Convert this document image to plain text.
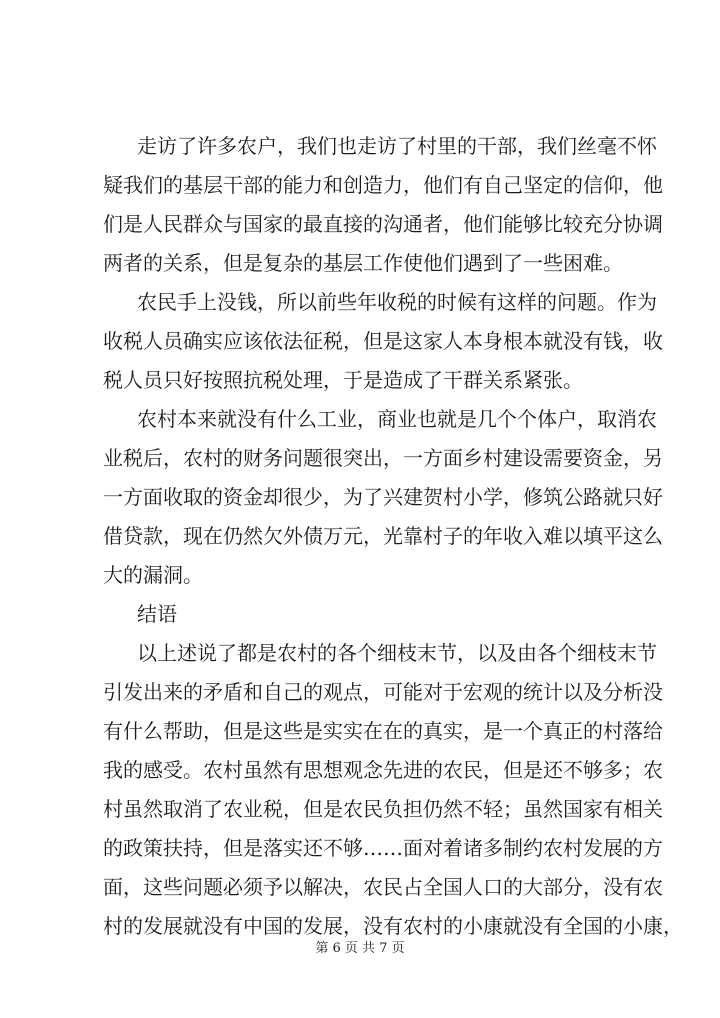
走访了许多农户，我们也走访了村里的干部，我们丝毫不怀
疑我们的基层干部的能力和创造力，他们有自己坚定的信仰，他
们是人民群众与国家的最直接的沟通者，他们能够比较充分协调
两者的关系，但是复杂的基层工作使他们遇到了一些困难。
农民手上没钱，所以前些年收税的时候有这样的问题。作为
收税人员确实应该依法征税，但是这家人本身根本就没有钱，收
税人员只好按照抗税处理，于是造成了干群关系紧张。
农村本来就没有什么工业，商业也就是几个个体户，取消农
业税后，农村的财务问题很突出，一方面乡村建设需要资金，另
一方面收取的资金却很少，为了兴建贺村小学，修筑公路就只好
借贷款，现在仍然欠外债万元，光靠村子的年收入难以填平这么
大的漏洞。
结语
以上述说了都是农村的各个细枝末节，以及由各个细枝末节
引发出来的矛盾和自己的观点，可能对于宏观的统计以及分析没
有什么帮助，但是这些是实实在在的真实，是一个真正的村落给
我的感受。农村虽然有思想观念先进的农民，但是还不够多；农
村虽然取消了农业税，但是农民负担仍然不轻；虽然国家有相关
的政策扶持，但是落实还不够……面对着诸多制约农村发展的方
面，这些问题必须予以解决，农民占全国人口的大部分，没有农
村的发展就没有中国的发展，没有农村的小康就没有全国的小康，
第 6 页 共 7 页
